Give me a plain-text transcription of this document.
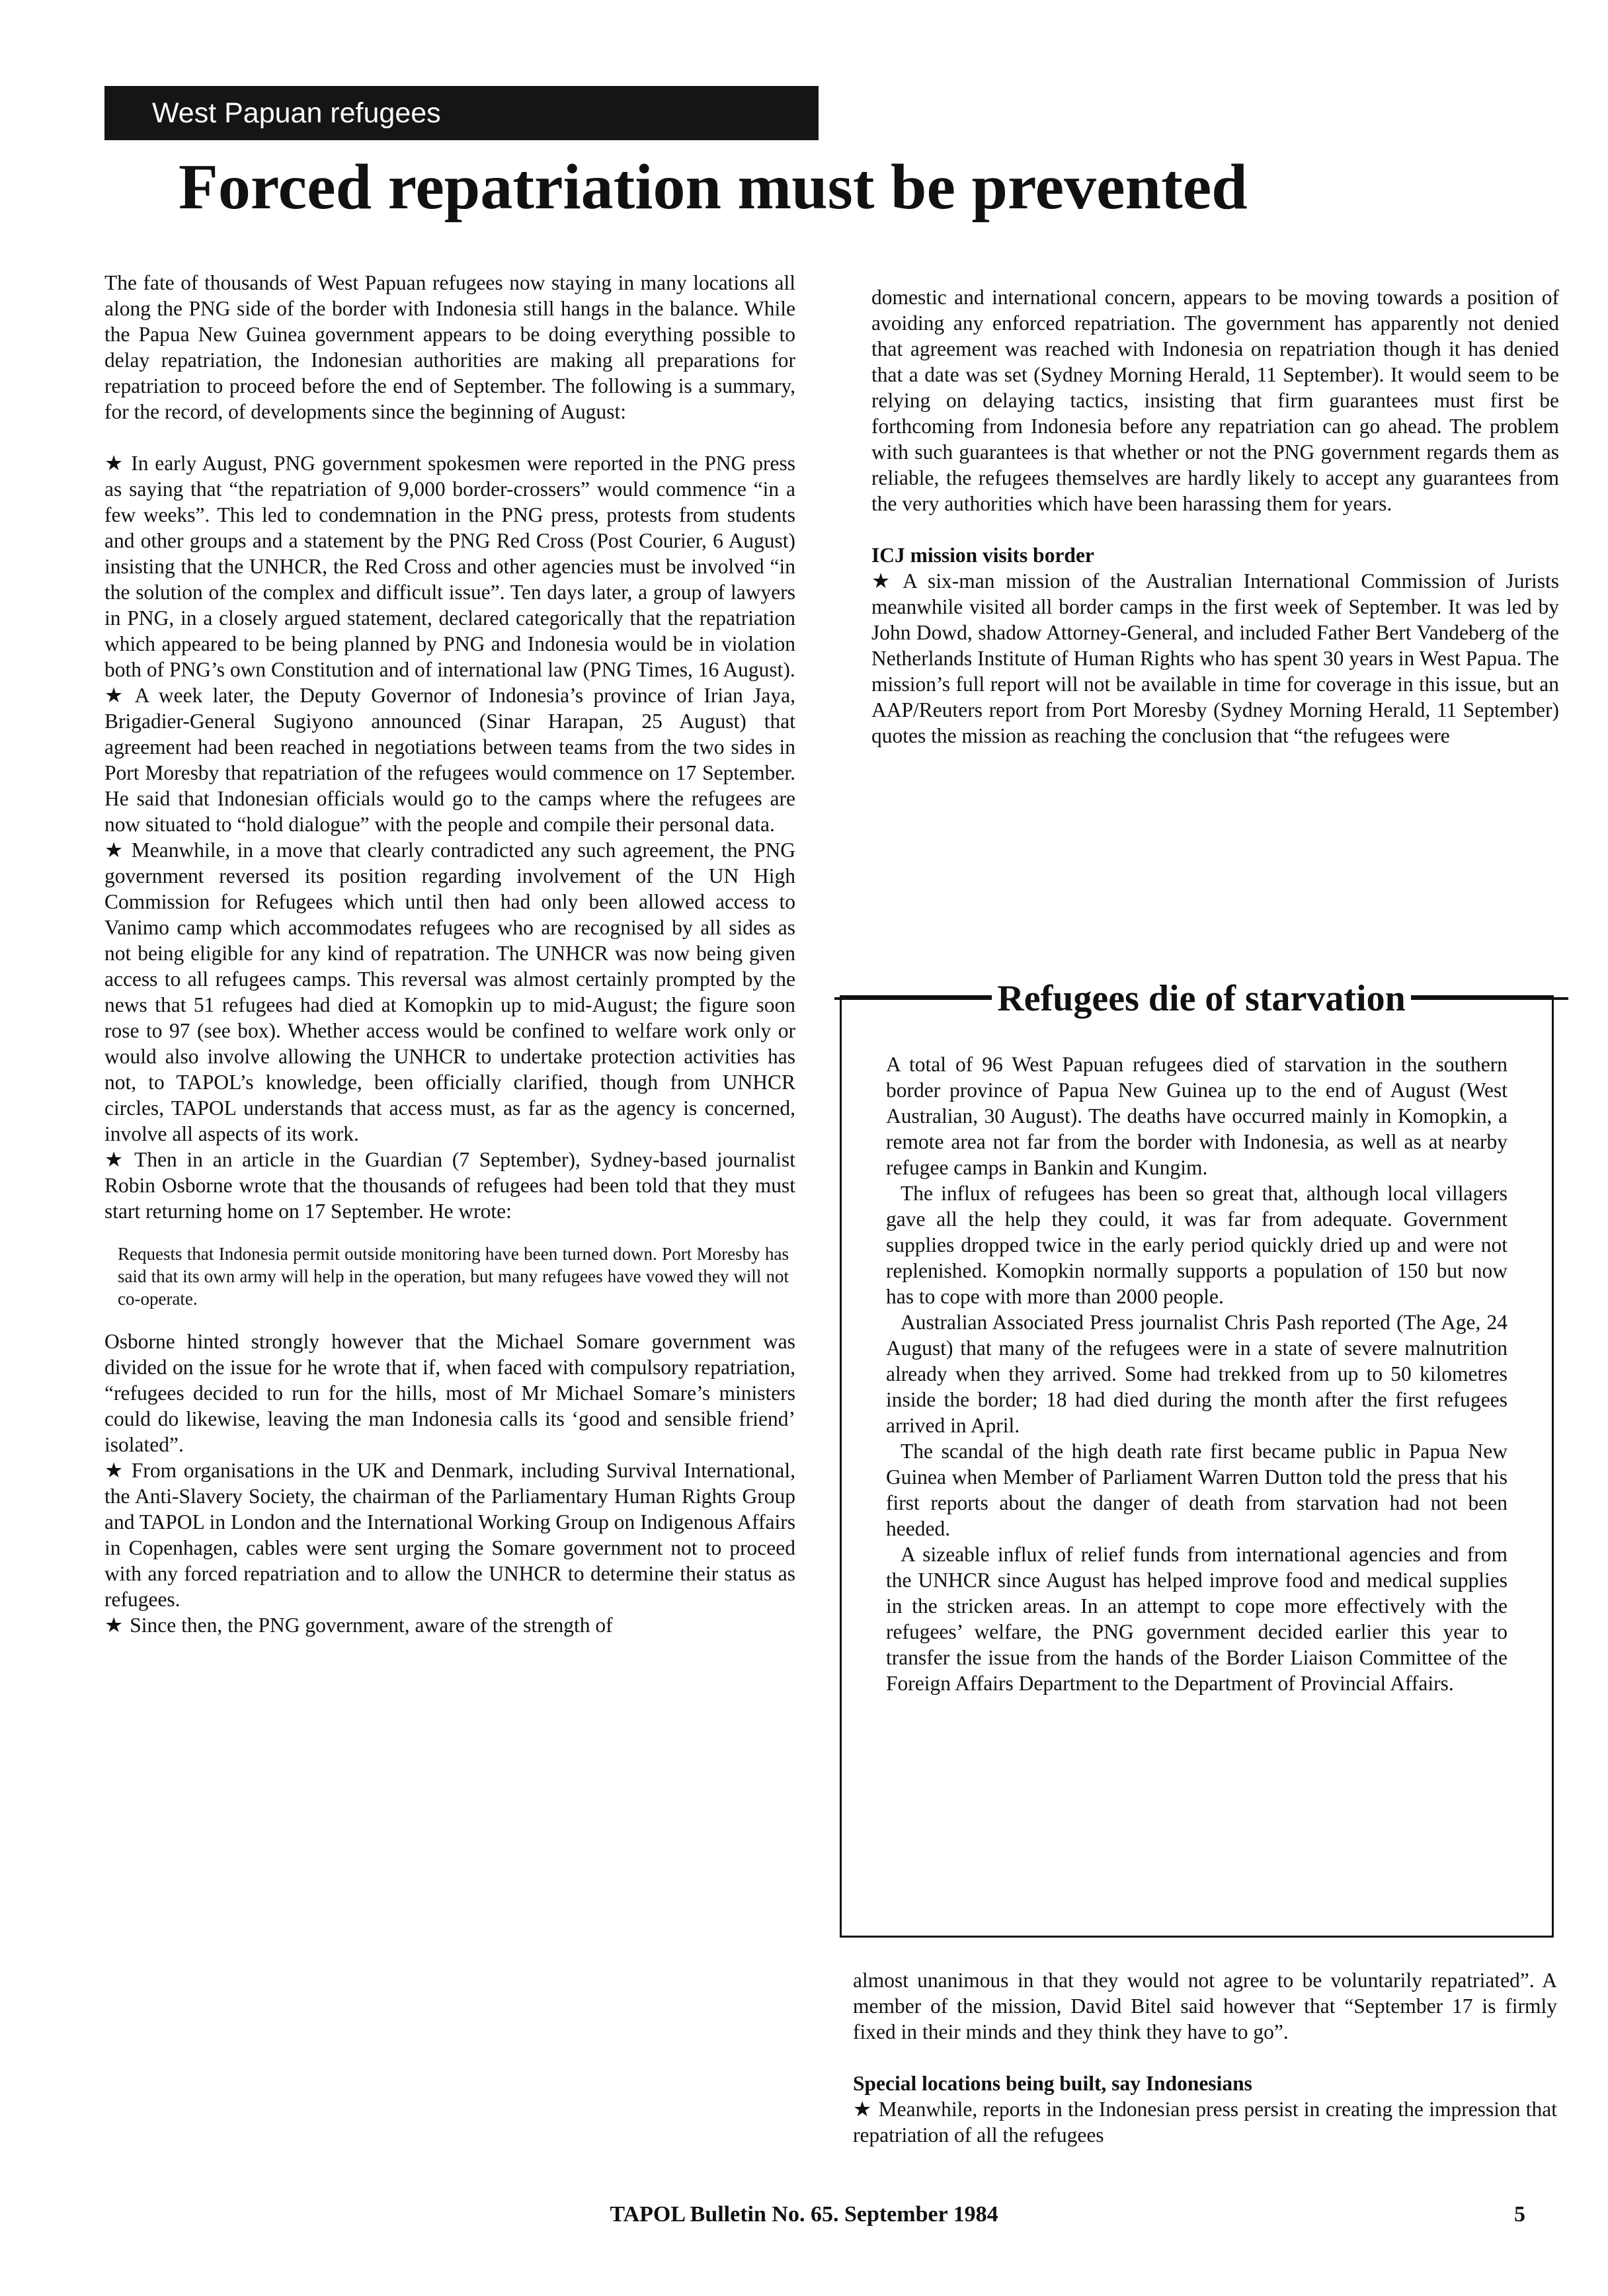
West Papuan refugees
Forced repatriation must be prevented

The fate of thousands of West Papuan refugees now staying in many locations all along the PNG side of the border with Indonesia still hangs in the balance. While the Papua New Guinea government appears to be doing everything possible to delay repatriation, the Indonesian authorities are making all preparations for repatriation to proceed before the end of September. The following is a summary, for the record, of developments since the beginning of August:

★ In early August, PNG government spokesmen were reported in the PNG press as saying that “the repatriation of 9,000 border-crossers” would commence “in a few weeks”. This led to condemnation in the PNG press, protests from students and other groups and a statement by the PNG Red Cross (Post Courier, 6 August) insisting that the UNHCR, the Red Cross and other agencies must be involved “in the solution of the complex and difficult issue”. Ten days later, a group of lawyers in PNG, in a closely argued statement, declared categorically that the repatriation which appeared to be being planned by PNG and Indonesia would be in violation both of PNG’s own Constitution and of international law (PNG Times, 16 August).

★ A week later, the Deputy Governor of Indonesia’s province of Irian Jaya, Brigadier-General Sugiyono announced (Sinar Harapan, 25 August) that agreement had been reached in negotiations between teams from the two sides in Port Moresby that repatriation of the refugees would commence on 17 September. He said that Indonesian officials would go to the camps where the refugees are now situated to “hold dialogue” with the people and compile their personal data.

★ Meanwhile, in a move that clearly contradicted any such agreement, the PNG government reversed its position regarding involvement of the UN High Commission for Refugees which until then had only been allowed access to Vanimo camp which accommodates refugees who are recognised by all sides as not being eligible for any kind of repatration. The UNHCR was now being given access to all refugees camps. This reversal was almost certainly prompted by the news that 51 refugees had died at Komopkin up to mid-August; the figure soon rose to 97 (see box). Whether access would be confined to welfare work only or would also involve allowing the UNHCR to undertake protection activities has not, to TAPOL’s knowledge, been officially clarified, though from UNHCR circles, TAPOL understands that access must, as far as the agency is concerned, involve all aspects of its work.

★ Then in an article in the Guardian (7 September), Sydney-based journalist Robin Osborne wrote that the thousands of refugees had been told that they must start returning home on 17 September. He wrote:

Requests that Indonesia permit outside monitoring have been turned down. Port Moresby has said that its own army will help in the operation, but many refugees have vowed they will not co-operate.

Osborne hinted strongly however that the Michael Somare government was divided on the issue for he wrote that if, when faced with compulsory repatriation, “refugees decided to run for the hills, most of Mr Michael Somare’s ministers could do likewise, leaving the man Indonesia calls its ‘good and sensible friend’ isolated”.

★ From organisations in the UK and Denmark, including Survival International, the Anti-Slavery Society, the chairman of the Parliamentary Human Rights Group and TAPOL in London and the International Working Group on Indigenous Affairs in Copenhagen, cables were sent urging the Somare government not to proceed with any forced repatriation and to allow the UNHCR to determine their status as refugees.

★ Since then, the PNG government, aware of the strength of

domestic and international concern, appears to be moving towards a position of avoiding any enforced repatriation. The government has apparently not denied that agreement was reached with Indonesia on repatriation though it has denied that a date was set (Sydney Morning Herald, 11 September). It would seem to be relying on delaying tactics, insisting that firm guarantees must first be forthcoming from Indonesia before any repatriation can go ahead. The problem with such guarantees is that whether or not the PNG government regards them as reliable, the refugees themselves are hardly likely to accept any guarantees from the very authorities which have been harassing them for years.

ICJ mission visits border

★ A six-man mission of the Australian International Commission of Jurists meanwhile visited all border camps in the first week of September. It was led by John Dowd, shadow Attorney-General, and included Father Bert Vandeberg of the Netherlands Institute of Human Rights who has spent 30 years in West Papua. The mission’s full report will not be available in time for coverage in this issue, but an AAP/Reuters report from Port Moresby (Sydney Morning Herald, 11 September) quotes the mission as reaching the conclusion that “the refugees were

Refugees die of starvation

A total of 96 West Papuan refugees died of starvation in the southern border province of Papua New Guinea up to the end of August (West Australian, 30 August). The deaths have occurred mainly in Komopkin, a remote area not far from the border with Indonesia, as well as at nearby refugee camps in Bankin and Kungim.

The influx of refugees has been so great that, although local villagers gave all the help they could, it was far from adequate. Government supplies dropped twice in the early period quickly dried up and were not replenished. Komopkin normally supports a population of 150 but now has to cope with more than 2000 people.

Australian Associated Press journalist Chris Pash reported (The Age, 24 August) that many of the refugees were in a state of severe malnutrition already when they arrived. Some had trekked from up to 50 kilometres inside the border; 18 had died during the month after the first refugees arrived in April.

The scandal of the high death rate first became public in Papua New Guinea when Member of Parliament Warren Dutton told the press that his first reports about the danger of death from starvation had not been heeded.

A sizeable influx of relief funds from international agencies and from the UNHCR since August has helped improve food and medical supplies in the stricken areas. In an attempt to cope more effectively with the refugees’ welfare, the PNG government decided earlier this year to transfer the issue from the hands of the Border Liaison Committee of the Foreign Affairs Department to the Department of Provincial Affairs.

almost unanimous in that they would not agree to be voluntarily repatriated”. A member of the mission, David Bitel said however that “September 17 is firmly fixed in their minds and they think they have to go”.

Special locations being built, say Indonesians

★ Meanwhile, reports in the Indonesian press persist in creating the impression that repatriation of all the refugees

TAPOL Bulletin No. 65. September 1984	5
